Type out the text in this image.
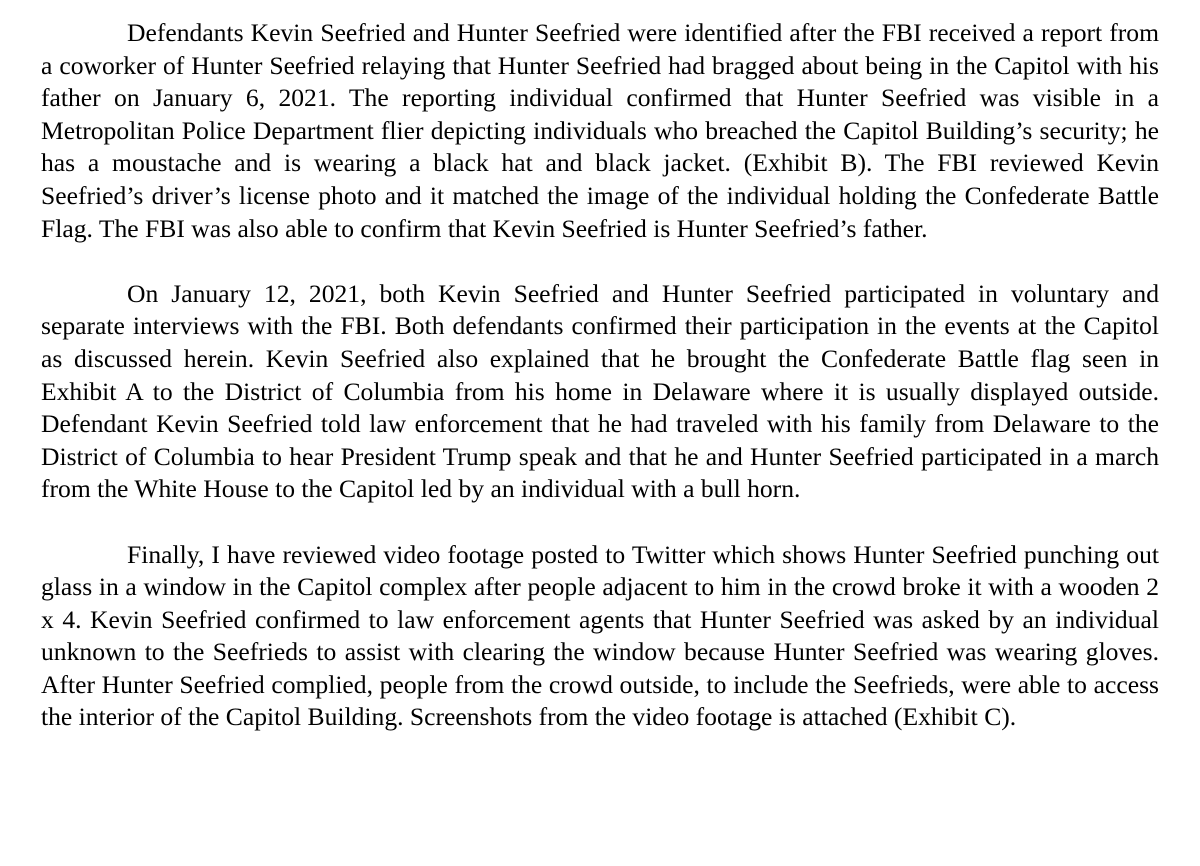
Defendants Kevin Seefried and Hunter Seefried were identified after the FBI received a report from a coworker of Hunter Seefried relaying that Hunter Seefried had bragged about being in the Capitol with his father on January 6, 2021. The reporting individual confirmed that Hunter Seefried was visible in a Metropolitan Police Department flier depicting individuals who breached the Capitol Building’s security; he has a moustache and is wearing a black hat and black jacket. (Exhibit B). The FBI reviewed Kevin Seefried’s driver’s license photo and it matched the image of the individual holding the Confederate Battle Flag. The FBI was also able to confirm that Kevin Seefried is Hunter Seefried’s father.

On January 12, 2021, both Kevin Seefried and Hunter Seefried participated in voluntary and separate interviews with the FBI. Both defendants confirmed their participation in the events at the Capitol as discussed herein. Kevin Seefried also explained that he brought the Confederate Battle flag seen in Exhibit A to the District of Columbia from his home in Delaware where it is usually displayed outside. Defendant Kevin Seefried told law enforcement that he had traveled with his family from Delaware to the District of Columbia to hear President Trump speak and that he and Hunter Seefried participated in a march from the White House to the Capitol led by an individual with a bull horn.

Finally, I have reviewed video footage posted to Twitter which shows Hunter Seefried punching out glass in a window in the Capitol complex after people adjacent to him in the crowd broke it with a wooden 2 x 4. Kevin Seefried confirmed to law enforcement agents that Hunter Seefried was asked by an individual unknown to the Seefrieds to assist with clearing the window because Hunter Seefried was wearing gloves. After Hunter Seefried complied, people from the crowd outside, to include the Seefrieds, were able to access the interior of the Capitol Building. Screenshots from the video footage is attached (Exhibit C).
